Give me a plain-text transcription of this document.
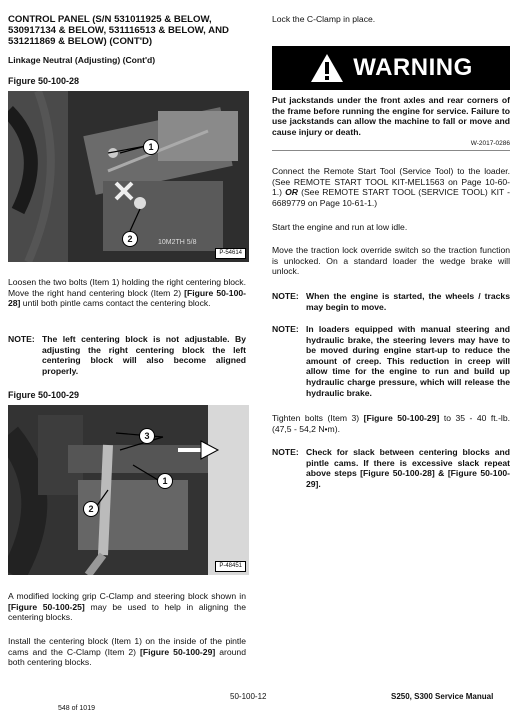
CONTROL PANEL (S/N 531011925 & BELOW, 530917134 & BELOW, 531116513 & BELOW, AND 531211869 & BELOW) (CONT'D)
Linkage Neutral (Adjusting) (Cont'd)
Figure 50-100-28
10M2TH 5/8
1
2
P-54614

Loosen the two bolts (Item 1) holding the right centering block. Move the right hand centering block (Item 2) [Figure 50-100-28] until both pintle cams contact the centering block.

NOTE: The left centering block is not adjustable. By adjusting the right centering block the left centering block will also become aligned properly.
Figure 50-100-29
3
1
2
P-48451

A modified locking grip C-Clamp and steering block shown in [Figure 50-100-25] may be used to help in aligning the centering blocks.

Install the centering block (Item 1) on the inside of the pintle cams and the C-Clamp (Item 2) [Figure 50-100-29] around both centering blocks.

Lock the C-Clamp in place.

WARNING

Put jackstands under the front axles and rear corners of the frame before running the engine for service. Failure to use jackstands can allow the machine to fall or move and cause injury or death.

W-2017-0286

Connect the Remote Start Tool (Service Tool) to the loader. (See REMOTE START TOOL KIT-MEL1563 on Page 10-60-1.) OR (See REMOTE START TOOL (SERVICE TOOL) KIT - 6689779 on Page 10-61-1.)

Start the engine and run at low idle.

Move the traction lock override switch so the traction function is unlocked. On a standard loader the wedge brake will unlock.

NOTE: When the engine is started, the wheels / tracks may begin to move.
NOTE: In loaders equipped with manual steering and hydraulic brake, the steering levers may have to be moved during engine start-up to reduce the amount of creep. This reduction in creep will allow time for the engine to run and build up hydraulic charge pressure, which will release the hydraulic brake.

Tighten bolts (Item 3) [Figure 50-100-29] to 35 - 40 ft.-lb. (47,5 - 54,2 N•m).

NOTE: Check for slack between centering blocks and pintle cams. If there is excessive slack repeat above steps [Figure 50-100-28] & [Figure 50-100-29].
50-100-12	S250, S300 Service Manual
548 of 1019
